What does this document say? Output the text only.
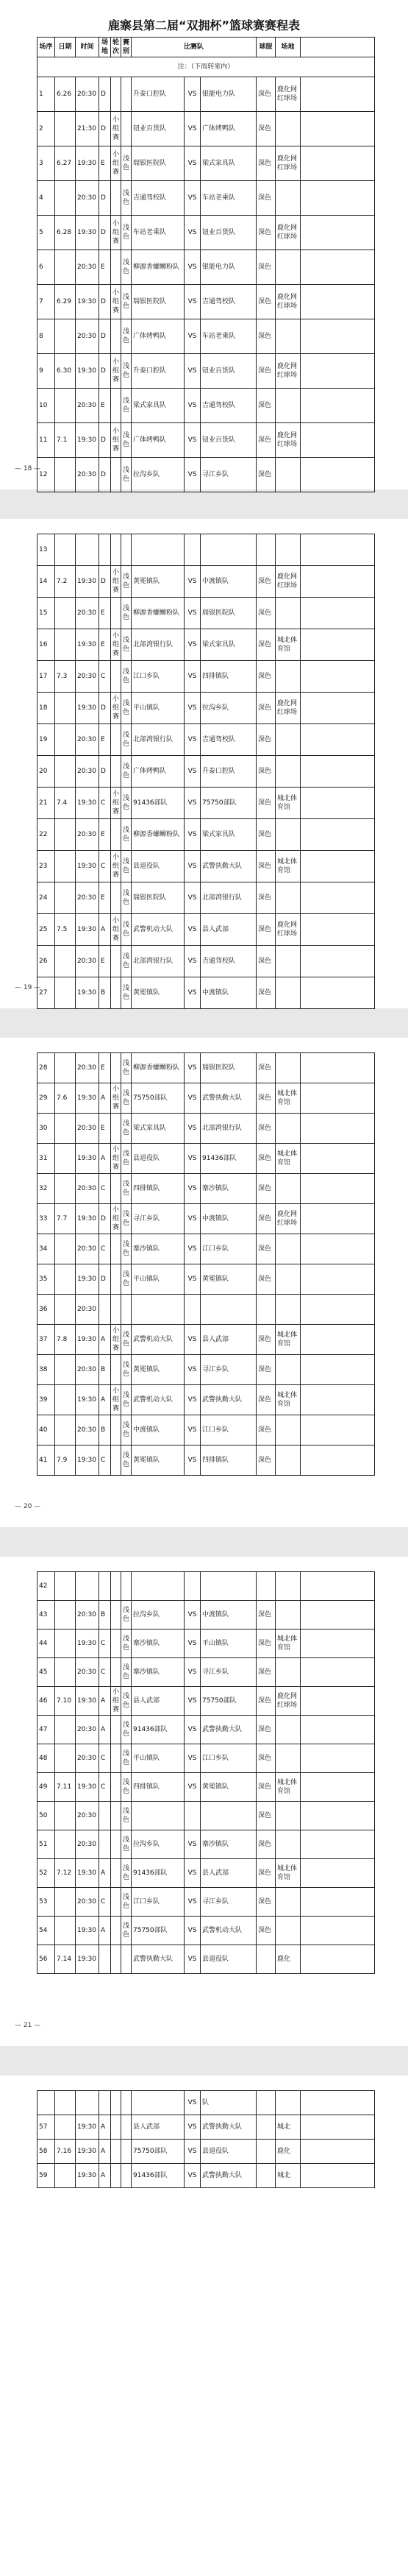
鹿寨县第二届“双拥杯”篮球赛赛程表
场序	日期	时间	场地	轮次	赛别	比赛队			球服	场地	
注：（下雨转室内）											
1	6.26	20:30	D			升泰口腔队	VS	银能电力队	深色	鹿化网红球场	
2		21:30	D	小组赛		钮业百货队	VS	广体烤鸭队	深色		
3	6.27	19:30	E	小组赛	浅色	瑞银医院队	VS	梁式家具队	深色	鹿化网红球场	
4		20:30	D		浅色	吉通驾校队	VS	车站老乘队	深色		
5	6.28	19:30	D	小组赛	浅色	车站老乘队	VS	钮业百货队	深色	鹿化网红球场	
6		20:30	E		浅色	柳源香螺蛳粉队	VS	银能电力队	深色		
7	6.29	19:30	D	小组赛	浅色	瑞银医院队	VS	吉通驾校队	深色	鹿化网红球场	
8		20:30	D		浅色	广体烤鸭队	VS	车站老乘队	深色		
9	6.30	19:30	D	小组赛	浅色	升泰口腔队	VS	钮业百货队	深色	鹿化网红球场	
10		20:30	E		浅色	梁式家具队	VS	吉通驾校队	深色		
11	7.1	19:30	D	小组赛	浅色	广体烤鸭队	VS	钮业百货队	深色	鹿化网红球场	
12		20:30	D		浅色	拉沟乡队	VS	寻江乡队	深色		
— 18 —
13											
14	7.2	19:30	D	小组赛	浅色	黄冕镇队	VS	中渡镇队	深色	鹿化网红球场	
15		20:30	E		浅色	柳源香螺蛳粉队	VS	瑞银医院队	深色		
16		19:30	E	小组赛	浅色	北部湾银行队	VS	梁式家具队	深色	城北体育馆	
17	7.3	20:30	C		浅色	江口乡队	VS	四排镇队	深色		
18		19:30	D	小组赛	浅色	平山镇队	VS	拉沟乡队	深色	鹿化网红球场	
19		20:30	E		浅色	北部湾银行队	VS	吉通驾校队	深色		
20		20:30	D		浅色	广体烤鸭队	VS	升泰口腔队	深色		
21	7.4	19:30	C	小组赛	浅色	91436部队	VS	75750部队	深色	城北体育馆	
22		20:30	E		浅色	柳源香螺蛳粉队	VS	梁式家具队	深色		
23		19:30	C	小组赛	浅色	县退役队	VS	武警执勤大队	深色	城北体育馆	
24		20:30	E		浅色	瑞银医院队	VS	北部湾银行队	深色		
25	7.5	19:30	A	小组赛	浅色	武警机动大队	VS	县人武部	深色	鹿化网红球场	
26		20:30	E		浅色	北部湾银行队	VS	吉通驾校队	深色		
27		19:30	B		浅色	黄冕镇队	VS	中渡镇队	深色		
— 19 —
28		20:30	E		浅色	柳源香螺蛳粉队	VS	瑞银医院队	深色		
29	7.6	19:30	A	小组赛	浅色	75750部队	VS	武警执勤大队	深色	城北体育馆	
30		20:30	E		浅色	梁式家具队	VS	北部湾银行队	深色		
31		19:30	A	小组赛	浅色	县退役队	VS	91436部队	深色	城北体育馆	
32		20:30	C		浅色	四排镇队	VS	寨沙镇队	深色		
33	7.7	19:30	D	小组赛	浅色	寻江乡队	VS	中渡镇队	深色	鹿化网红球场	
34		20:30	C		浅色	寨沙镇队	VS	江口乡队	深色		
35		19:30	D		浅色	平山镇队	VS	黄冕镇队	深色		
36		20:30									
37	7.8	19:30	A	小组赛	浅色	武警机动大队	VS	县人武部	深色	城北体育馆	
38		20:30	B		浅色	黄冕镇队	VS	寻江乡队	深色		
39		19:30	A	小组赛	浅色	武警机动大队	VS	武警执勤大队	深色	城北体育馆	
40		20:30	B		浅色	中渡镇队	VS	江口乡队	深色		
41	7.9	19:30	C		浅色	黄冕镇队	VS	四排镇队	深色		
— 20 —
42											
43		20:30	B		浅色	拉沟乡队	VS	中渡镇队	深色		
44		19:30	C		浅色	寨沙镇队	VS	平山镇队	深色	城北体育馆	
45		20:30	C		浅色	寨沙镇队	VS	寻江乡队	深色		
46	7.10	19:30	A	小组赛	浅色	县人武部	VS	75750部队	深色	鹿化网红球场	
47		20:30	A		浅色	91436部队	VS	武警执勤大队	深色		
48		20:30	C		浅色	平山镇队	VS	江口乡队	深色		
49	7.11	19:30	C		浅色	四排镇队	VS	黄冕镇队	深色	城北体育馆	
50		20:30			浅色				深色		
51		20:30			浅色	拉沟乡队	VS	寨沙镇队	深色		
52	7.12	19:30	A		浅色	91436部队	VS	县人武部	深色	城北体育馆	
53		20:30	C		浅色	江口乡队	VS	寻江乡队	深色		
54		19:30	A		浅色	75750部队	VS	武警机动大队	深色		
56	7.14	19:30				武警执勤大队	VS	县退役队		鹿化	
— 21 —
							VS	队			
57		19:30	A			县人武部	VS	武警执勤大队		城北	
58	7.16	19:30	A			75750部队	VS	县退役队		鹿化	
59		19:30	A			91436部队	VS	武警执勤大队		城北	
